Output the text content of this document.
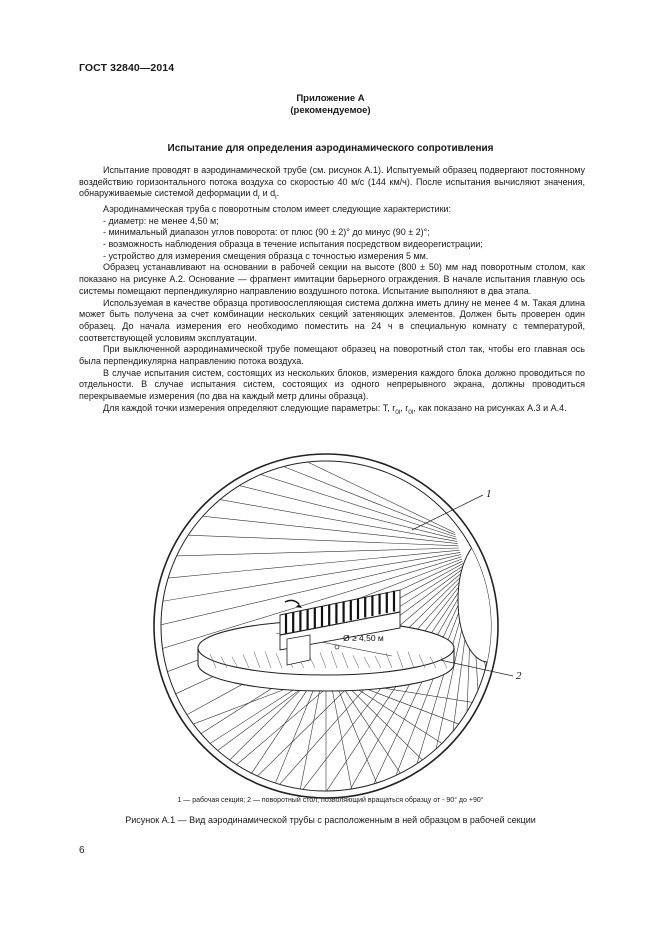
ГОСТ 32840—2014
Приложение А
(рекомендуемое)
Испытание для определения аэродинамического сопротивления

Испытание проводят в аэродинамической трубе (см. рисунок А.1). Испытуемый образец подвергают постоянному воздействию горизонтального потока воздуха со скоростью 40 м/с (144 км/ч). После испытания вычисляют значения, обнаруживаемые системой деформации $d_r$ и $d_l$.

Аэродинамическая труба с поворотным столом имеет следующие характеристики:

- диаметр: не менее 4,50 м;

- минимальный диапазон углов поворота: от плюс (90 ± 2)° до минус (90 ± 2)°;

- возможность наблюдения образца в течение испытания посредством видеорегистрации;

- устройство для измерения смещения образца с точностью измерения 5 мм.

Образец устанавливают на основании в рабочей секции на высоте (800 ± 50) мм над поворотным столом, как показано на рисунке А.2. Основание — фрагмент имитации барьерного ограждения. В начале испытания главную ось системы помещают перпендикулярно направлению воздушного потока. Испытание выполняют в два этапа.

Используемая в качестве образца противоослепляющая система должна иметь длину не менее 4 м. Такая длина может быть получена за счет комбинации нескольких секций затеняющих элементов. Должен быть проверен один образец. До начала измерения его необходимо поместить на 24 ч в специальную комнату с температурой, соответствующей условиям эксплуатации.

При выключенной аэродинамической трубе помещают образец на поворотный стол так, чтобы его главная ось была перпендикулярна направлению потока воздуха.

В случае испытания систем, состоящих из нескольких блоков, измерения каждого блока должно проводиться по отдельности. В случае испытания систем, состоящих из одного непрерывного экрана, должны проводиться перекрываемые измерения (по два на каждый метр длины образца).

Для каждой точки измерения определяют следующие параметры: T, $r_{0l}$, $r_{0l}$, как показано на рисунках А.3 и А.4.

Ø ≥ 4,50 м
1
2
1 — рабочая секция; 2 — поворотный стол, позволяющий вращаться образцу от - 90° до +90°
Рисунок А.1 — Вид аэродинамической трубы с расположенным в ней образцом в рабочей секции
6
